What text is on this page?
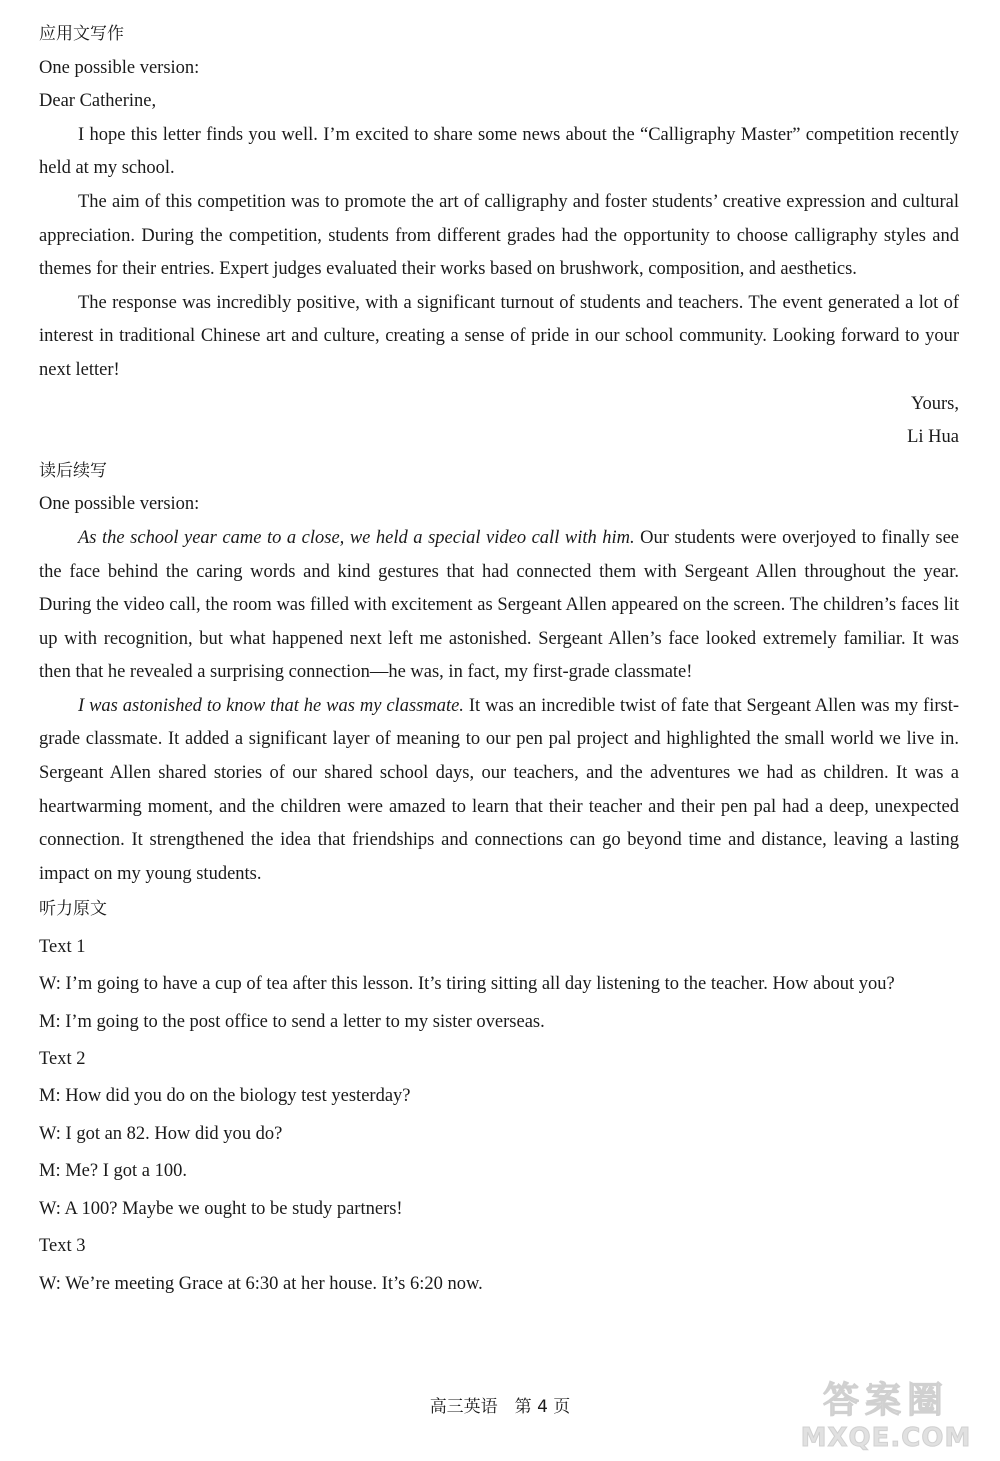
应用文写作
One possible version:
Dear Catherine,
I hope this letter finds you well. I’m excited to share some news about the “Calligraphy Master” competition recently held at my school.
The aim of this competition was to promote the art of calligraphy and foster students’ creative expression and cultural appreciation. During the competition, students from different grades had the opportunity to choose calligraphy styles and themes for their entries. Expert judges evaluated their works based on brushwork, composition, and aesthetics.
The response was incredibly positive, with a significant turnout of students and teachers. The event generated a lot of interest in traditional Chinese art and culture, creating a sense of pride in our school community. Looking forward to your next letter!
Yours,
Li Hua
读后续写
One possible version:
As the school year came to a close, we held a special video call with him. Our students were overjoyed to finally see the face behind the caring words and kind gestures that had connected them with Sergeant Allen throughout the year. During the video call, the room was filled with excitement as Sergeant Allen appeared on the screen. The children’s faces lit up with recognition, but what happened next left me astonished. Sergeant Allen’s face looked extremely familiar. It was then that he revealed a surprising connection—he was, in fact, my first-grade classmate!
I was astonished to know that he was my classmate. It was an incredible twist of fate that Sergeant Allen was my first-grade classmate. It added a significant layer of meaning to our pen pal project and highlighted the small world we live in. Sergeant Allen shared stories of our shared school days, our teachers, and the adventures we had as children. It was a heartwarming moment, and the children were amazed to learn that their teacher and their pen pal had a deep, unexpected connection. It strengthened the idea that friendships and connections can go beyond time and distance, leaving a lasting impact on my young students.
听力原文
Text 1
W: I’m going to have a cup of tea after this lesson. It’s tiring sitting all day listening to the teacher. How about you?
M: I’m going to the post office to send a letter to my sister overseas.
Text 2
M: How did you do on the biology test yesterday?
W: I got an 82. How did you do?
M: Me? I got a 100.
W: A 100? Maybe we ought to be study partners!
Text 3
W: We’re meeting Grace at 6:30 at her house. It’s 6:20 now.
高三英语　第 4 页	答案圈
MXQE.COM
